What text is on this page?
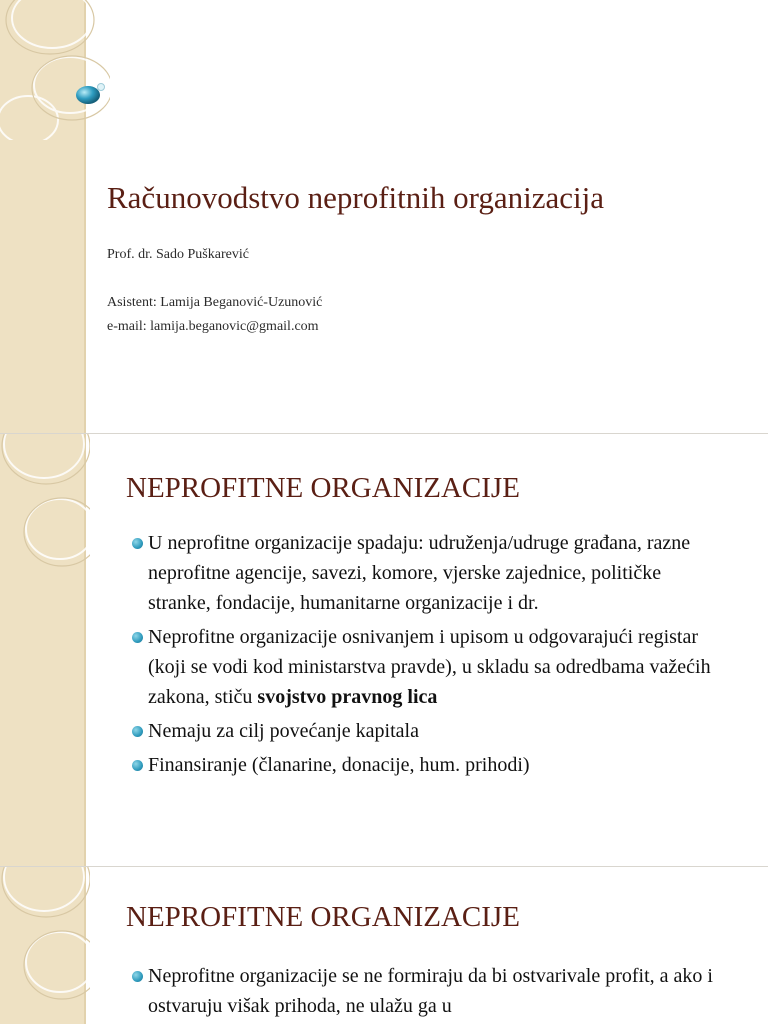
Računovodstvo neprofitnih organizacija

Prof. dr. Sado Puškarević

Asistent: Lamija Beganović-Uzunović

e-mail: lamija.beganovic@gmail.com

NEPROFITNE ORGANIZACIJE
U neprofitne organizacije spadaju: udruženja/udruge građana, razne neprofitne agencije, savezi, komore, vjerske zajednice, političke stranke, fondacije, humanitarne organizacije i dr.
Neprofitne organizacije osnivanjem i upisom u odgovarajući registar (koji se vodi kod ministarstva pravde), u skladu sa odredbama važećih zakona, stiču svojstvo pravnog lica
Nemaju za cilj povećanje kapitala
Finansiranje (članarine, donacije, hum. prihodi)
NEPROFITNE ORGANIZACIJE
Neprofitne organizacije se ne formiraju da bi ostvarivale profit, a ako i ostvaruju višak prihoda, ne ulažu ga u
